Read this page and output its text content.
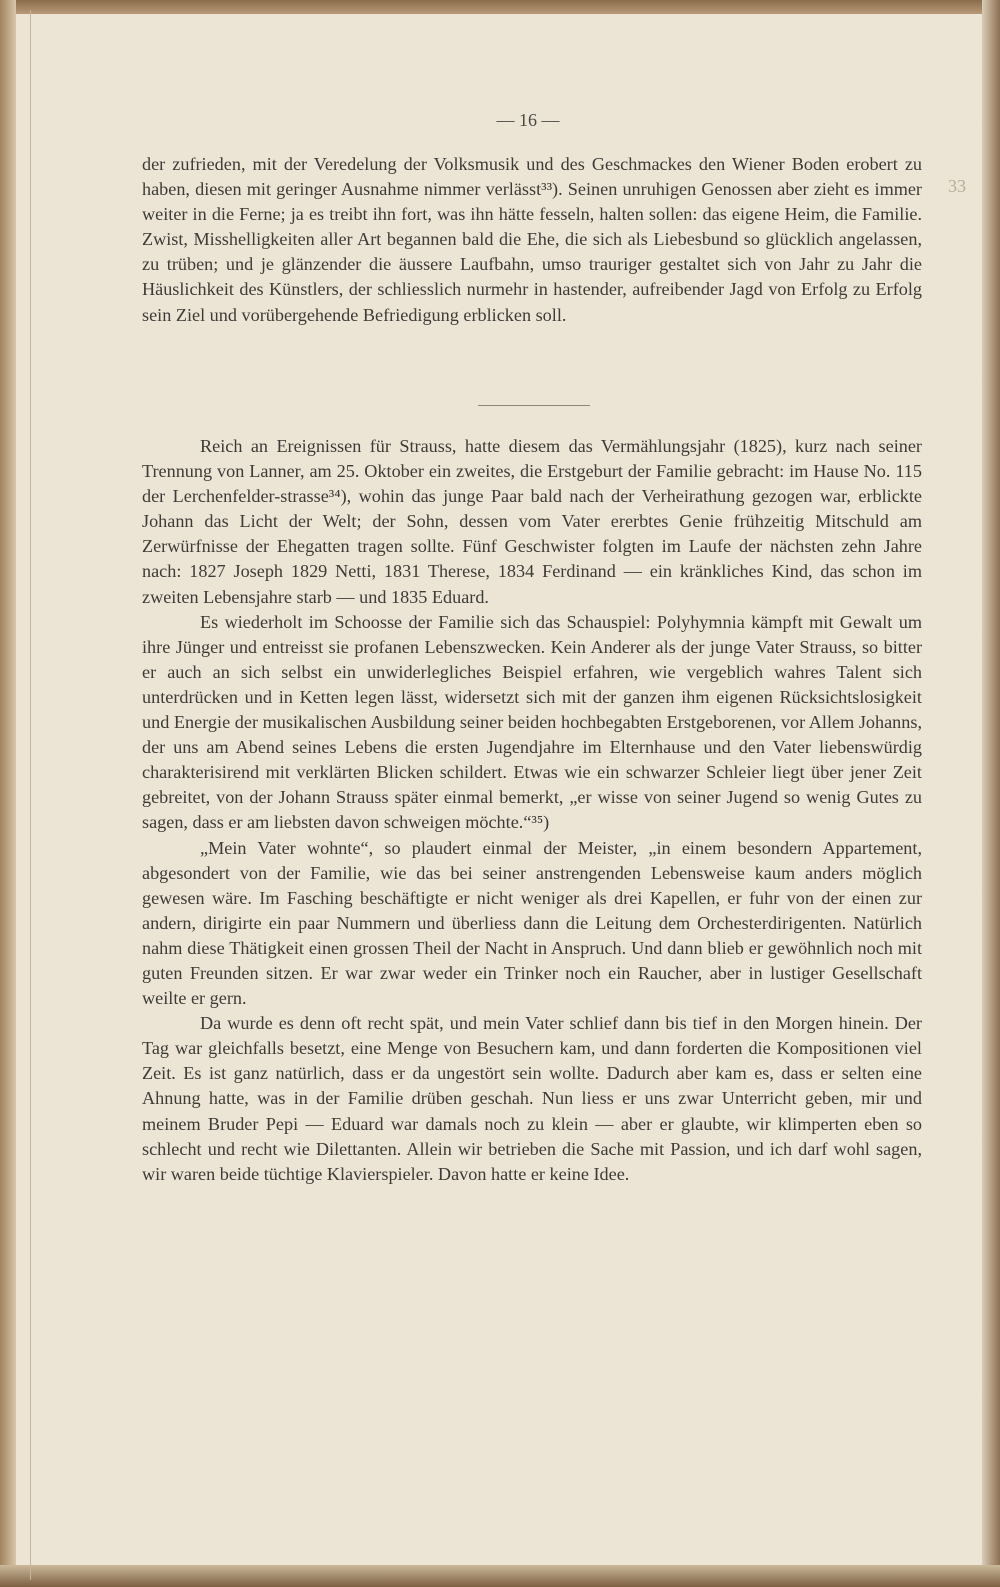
— 16 —
33

der zufrieden, mit der Veredelung der Volksmusik und des Geschmackes den Wiener Boden erobert zu haben, diesen mit geringer Ausnahme nimmer verlässt³³). Seinen unruhigen Genossen aber zieht es immer weiter in die Ferne; ja es treibt ihn fort, was ihn hätte fesseln, halten sollen: das eigene Heim, die Familie. Zwist, Misshelligkeiten aller Art begannen bald die Ehe, die sich als Liebesbund so glücklich angelassen, zu trüben; und je glänzender die äussere Laufbahn, umso trauriger gestaltet sich von Jahr zu Jahr die Häuslichkeit des Künstlers, der schliesslich nurmehr in hastender, aufreibender Jagd von Erfolg zu Erfolg sein Ziel und vorübergehende Befriedigung erblicken soll.

Reich an Ereignissen für Strauss, hatte diesem das Vermählungsjahr (1825), kurz nach seiner Trennung von Lanner, am 25. Oktober ein zweites, die Erstgeburt der Familie gebracht: im Hause No. 115 der Lerchenfelder-strasse³⁴), wohin das junge Paar bald nach der Verheirathung gezogen war, erblickte Johann das Licht der Welt; der Sohn, dessen vom Vater ererbtes Genie frühzeitig Mitschuld am Zerwürfnisse der Ehegatten tragen sollte. Fünf Geschwister folgten im Laufe der nächsten zehn Jahre nach: 1827 Joseph 1829 Netti, 1831 Therese, 1834 Ferdinand — ein kränkliches Kind, das schon im zweiten Lebensjahre starb — und 1835 Eduard.

Es wiederholt im Schoosse der Familie sich das Schauspiel: Polyhymnia kämpft mit Gewalt um ihre Jünger und entreisst sie profanen Lebenszwecken. Kein Anderer als der junge Vater Strauss, so bitter er auch an sich selbst ein unwiderlegliches Beispiel erfahren, wie vergeblich wahres Talent sich unterdrücken und in Ketten legen lässt, widersetzt sich mit der ganzen ihm eigenen Rücksichtslosigkeit und Energie der musikalischen Ausbildung seiner beiden hochbegabten Erstgeborenen, vor Allem Johanns, der uns am Abend seines Lebens die ersten Jugendjahre im Elternhause und den Vater liebenswürdig charakterisirend mit verklärten Blicken schildert. Etwas wie ein schwarzer Schleier liegt über jener Zeit gebreitet, von der Johann Strauss später einmal bemerkt, „er wisse von seiner Jugend so wenig Gutes zu sagen, dass er am liebsten davon schweigen möchte.“³⁵)

„Mein Vater wohnte“, so plaudert einmal der Meister, „in einem besondern Appartement, abgesondert von der Familie, wie das bei seiner anstrengenden Lebensweise kaum anders möglich gewesen wäre. Im Fasching beschäftigte er nicht weniger als drei Kapellen, er fuhr von der einen zur andern, dirigirte ein paar Nummern und überliess dann die Leitung dem Orchesterdirigenten. Natürlich nahm diese Thätigkeit einen grossen Theil der Nacht in Anspruch. Und dann blieb er gewöhnlich noch mit guten Freunden sitzen. Er war zwar weder ein Trinker noch ein Raucher, aber in lustiger Gesellschaft weilte er gern.

Da wurde es denn oft recht spät, und mein Vater schlief dann bis tief in den Morgen hinein. Der Tag war gleichfalls besetzt, eine Menge von Besuchern kam, und dann forderten die Kompositionen viel Zeit. Es ist ganz natürlich, dass er da ungestört sein wollte. Dadurch aber kam es, dass er selten eine Ahnung hatte, was in der Familie drüben geschah. Nun liess er uns zwar Unterricht geben, mir und meinem Bruder Pepi — Eduard war damals noch zu klein — aber er glaubte, wir klimperten eben so schlecht und recht wie Dilettanten. Allein wir betrieben die Sache mit Passion, und ich darf wohl sagen, wir waren beide tüchtige Klavierspieler. Davon hatte er keine Idee.
